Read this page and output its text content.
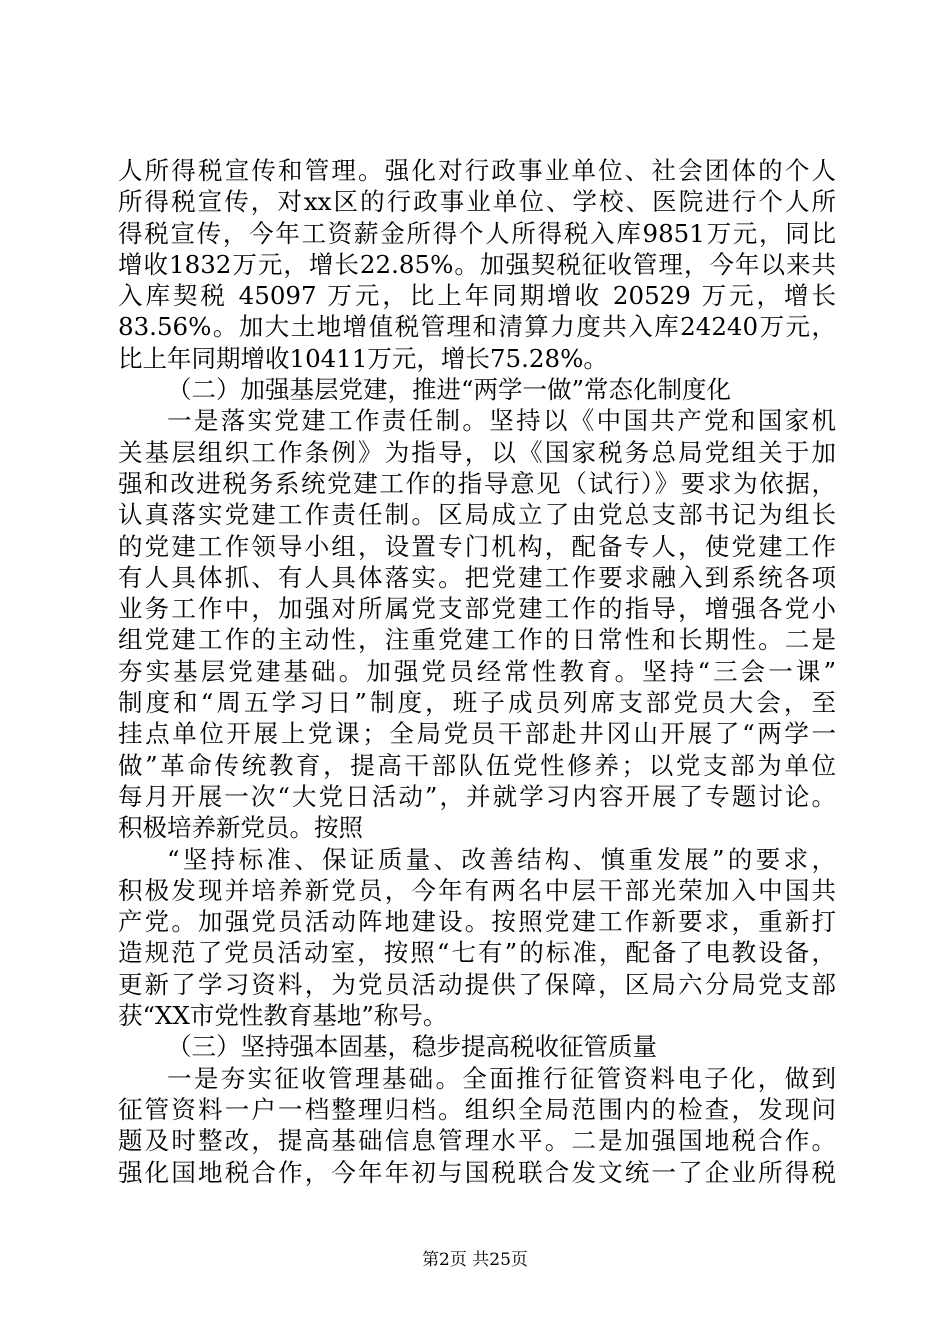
人所得税宣传和管理。强化对行政事业单位、社会团体的个人
所得税宣传，对xx区的行政事业单位、学校、医院进行个人所
得税宣传，今年工资薪金所得个人所得税入库9851万元，同比
增收1832万元，增长22.85%。加强契税征收管理，今年以来共
入库契税 45097 万元，比上年同期增收 20529 万元，增长
83.56%。加大土地增值税管理和清算力度共入库24240万元，
比上年同期增收10411万元，增长75.28%。
（二）加强基层党建，推进“两学一做”常态化制度化
一是落实党建工作责任制。坚持以《中国共产党和国家机
关基层组织工作条例》为指导，以《国家税务总局党组关于加
强和改进税务系统党建工作的指导意见（试行）》要求为依据，
认真落实党建工作责任制。区局成立了由党总支部书记为组长
的党建工作领导小组，设置专门机构，配备专人，使党建工作
有人具体抓、有人具体落实。把党建工作要求融入到系统各项
业务工作中，加强对所属党支部党建工作的指导，增强各党小
组党建工作的主动性，注重党建工作的日常性和长期性。二是
夯实基层党建基础。加强党员经常性教育。坚持“三会一课”
制度和“周五学习日”制度，班子成员列席支部党员大会，至
挂点单位开展上党课；全局党员干部赴井冈山开展了“两学一
做”革命传统教育，提高干部队伍党性修养；以党支部为单位
每月开展一次“大党日活动”，并就学习内容开展了专题讨论。
积极培养新党员。按照
“坚持标准、保证质量、改善结构、慎重发展”的要求，
积极发现并培养新党员，今年有两名中层干部光荣加入中国共
产党。加强党员活动阵地建设。按照党建工作新要求，重新打
造规范了党员活动室，按照“七有”的标准，配备了电教设备，
更新了学习资料，为党员活动提供了保障，区局六分局党支部
获“XX市党性教育基地”称号。
（三）坚持强本固基，稳步提高税收征管质量
一是夯实征收管理基础。全面推行征管资料电子化，做到
征管资料一户一档整理归档。组织全局范围内的检查，发现问
题及时整改，提高基础信息管理水平。二是加强国地税合作。
强化国地税合作，今年年初与国税联合发文统一了企业所得税
第2页 共25页
